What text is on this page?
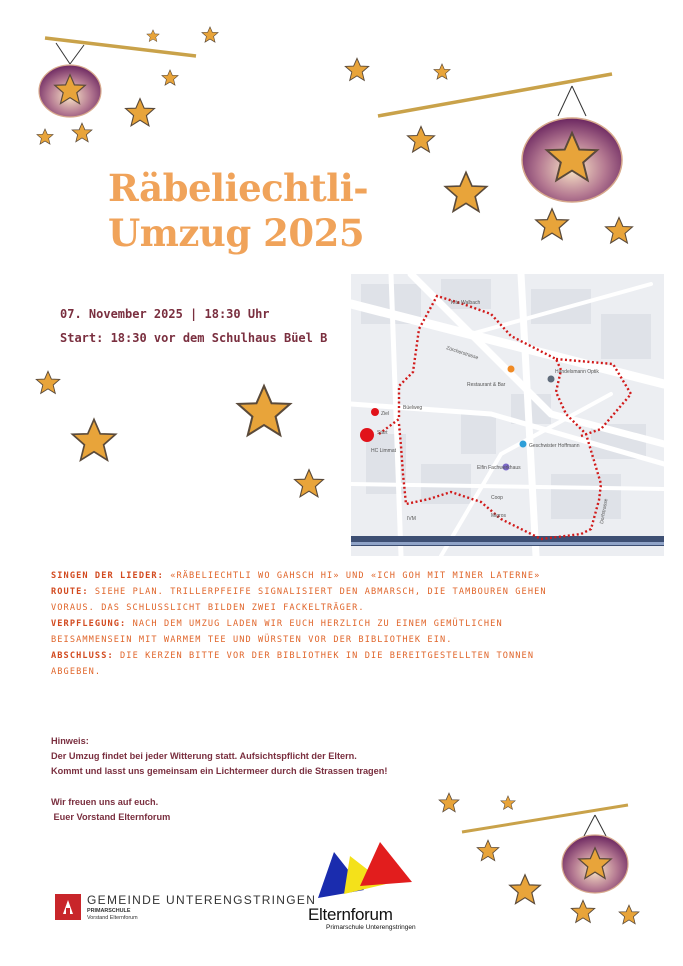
Räbeliechtli-
Umzug 2025
07. November 2025 | 18:30 Uhr
Start: 18:30 vor dem Schulhaus Büel B
Ziel
Start
Büelweg
HC Limmat
Migros
Coop
Kita Walbach
Restaurant & Bar
Handelsmann Optik
Elfin Fachwerkhaus
IVM
Geschwister Hoffmann
Zürcherstrasse
Dorfstrasse

SINGEN DER LIEDER: «RÄBELIECHTLI WO GAHSCH HI» UND «ICH GOH MIT MINER LATERNE»

ROUTE: SIEHE PLAN. TRILLERPFEIFE SIGNALISIERT DEN ABMARSCH, DIE TAMBOUREN GEHEN VORAUS. DAS SCHLUSSLICHT BILDEN ZWEI FACKELTRÄGER.

VERPFLEGUNG: NACH DEM UMZUG LADEN WIR EUCH HERZLICH ZU EINEM GEMÜTLICHEN BEISAMMENSEIN MIT WARMEM TEE UND WÜRSTEN VOR DER BIBLIOTHEK EIN.

ABSCHLUSS: DIE KERZEN BITTE VOR DER BIBLIOTHEK IN DIE BEREITGESTELLTEN TONNEN ABGEBEN.

Hinweis:

Der Umzug findet bei jeder Witterung statt. Aufsichtspflicht der Eltern.

Kommt und lasst uns gemeinsam ein Lichtermeer durch die Strassen tragen!

Wir freuen uns auf euch.

Euer Vorstand Elternforum

GEMEINDE UNTERENGSTRINGEN
PRIMARSCHULE
Vorstand Elternforum	Elternforum
Primarschule Unterengstringen
